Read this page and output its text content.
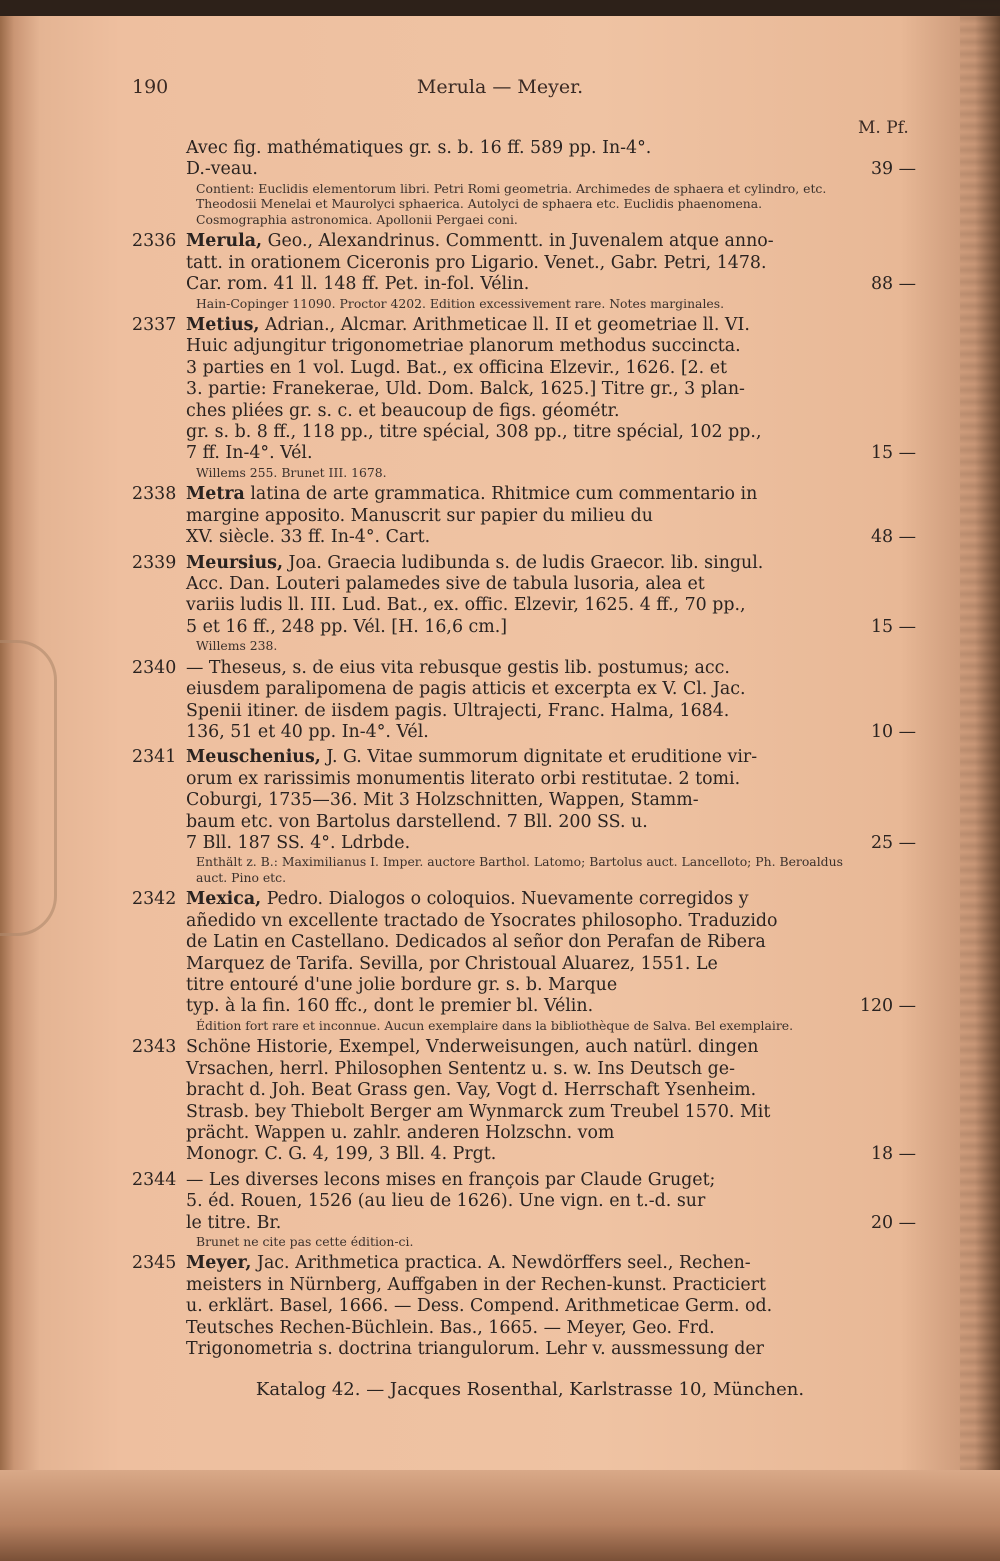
190	Merula — Meyer.
M. Pf.
Avec fig. mathématiques gr. s. b. 16 ff. 589 pp. In-4°.
D.-veau.	39 —
Contient: Euclidis elementorum libri. Petri Romi geometria. Archimedes de sphaera et cylindro, etc. Theodosii Menelai et Maurolyci sphaerica. Autolyci de sphaera etc. Euclidis phaenomena. Cosmographia astronomica. Apollonii Pergaei coni.
2336 Merula, Geo., Alexandrinus. Commentt. in Juvenalem atque anno-
tatt. in orationem Ciceronis pro Ligario. Venet., Gabr. Petri, 1478.
Car. rom. 41 ll. 148 ff. Pet. in-fol. Vélin.	88 —
Hain-Copinger 11090. Proctor 4202. Edition excessivement rare. Notes marginales.
2337 Metius, Adrian., Alcmar. Arithmeticae ll. II et geometriae ll. VI.
Huic adjungitur trigonometriae planorum methodus succincta.
3 parties en 1 vol. Lugd. Bat., ex officina Elzevir., 1626. [2. et
3. partie: Franekerae, Uld. Dom. Balck, 1625.] Titre gr., 3 plan-
ches pliées gr. s. c. et beaucoup de figs. géométr.
gr. s. b. 8 ff., 118 pp., titre spécial, 308 pp., titre spécial, 102 pp.,
7 ff. In-4°. Vél.	15 —
Willems 255. Brunet III. 1678.
2338 Metra latina de arte grammatica. Rhitmice cum commentario in
margine apposito. Manuscrit sur papier du milieu du
XV. siècle. 33 ff. In-4°. Cart.	48 —
2339 Meursius, Joa. Graecia ludibunda s. de ludis Graecor. lib. singul.
Acc. Dan. Louteri palamedes sive de tabula lusoria, alea et
variis ludis ll. III. Lud. Bat., ex. offic. Elzevir, 1625. 4 ff., 70 pp.,
5 et 16 ff., 248 pp. Vél. [H. 16,6 cm.]	15 —
Willems 238.
2340 — Theseus, s. de eius vita rebusque gestis lib. postumus; acc.
eiusdem paralipomena de pagis atticis et excerpta ex V. Cl. Jac.
Spenii itiner. de iisdem pagis. Ultrajecti, Franc. Halma, 1684.
136, 51 et 40 pp. In-4°. Vél.	10 —
2341 Meuschenius, J. G. Vitae summorum dignitate et eruditione vir-
orum ex rarissimis monumentis literato orbi restitutae. 2 tomi.
Coburgi, 1735—36. Mit 3 Holzschnitten, Wappen, Stamm-
baum etc. von Bartolus darstellend. 7 Bll. 200 SS. u.
7 Bll. 187 SS. 4°. Ldrbde.	25 —
Enthält z. B.: Maximilianus I. Imper. auctore Barthol. Latomo; Bartolus auct. Lancelloto; Ph. Beroaldus auct. Pino etc.
2342 Mexica, Pedro. Dialogos o coloquios. Nuevamente corregidos y
añedido vn excellente tractado de Ysocrates philosopho. Traduzido
de Latin en Castellano. Dedicados al señor don Perafan de Ribera
Marquez de Tarifa. Sevilla, por Christoual Aluarez, 1551. Le
titre entouré d'une jolie bordure gr. s. b. Marque
typ. à la fin. 160 ffc., dont le premier bl. Vélin.	120 —
Édition fort rare et inconnue. Aucun exemplaire dans la bibliothèque de Salva. Bel exemplaire.
2343 Schöne Historie, Exempel, Vnderweisungen, auch natürl. dingen
Vrsachen, herrl. Philosophen Sententz u. s. w. Ins Deutsch ge-
bracht d. Joh. Beat Grass gen. Vay, Vogt d. Herrschaft Ysenheim.
Strasb. bey Thiebolt Berger am Wynmarck zum Treubel 1570. Mit
prächt. Wappen u. zahlr. anderen Holzschn. vom
Monogr. C. G. 4, 199, 3 Bll. 4. Prgt.	18 —
2344 — Les diverses lecons mises en françois par Claude Gruget;
5. éd. Rouen, 1526 (au lieu de 1626). Une vign. en t.-d. sur
le titre. Br.	20 —
Brunet ne cite pas cette édition-ci.
2345 Meyer, Jac. Arithmetica practica. A. Newdörffers seel., Rechen-
meisters in Nürnberg, Auffgaben in der Rechen-kunst. Practiciert
u. erklärt. Basel, 1666. — Dess. Compend. Arithmeticae Germ. od.
Teutsches Rechen-Büchlein. Bas., 1665. — Meyer, Geo. Frd.
Trigonometria s. doctrina triangulorum. Lehr v. aussmessung der
Katalog 42. — Jacques Rosenthal, Karlstrasse 10, München.
